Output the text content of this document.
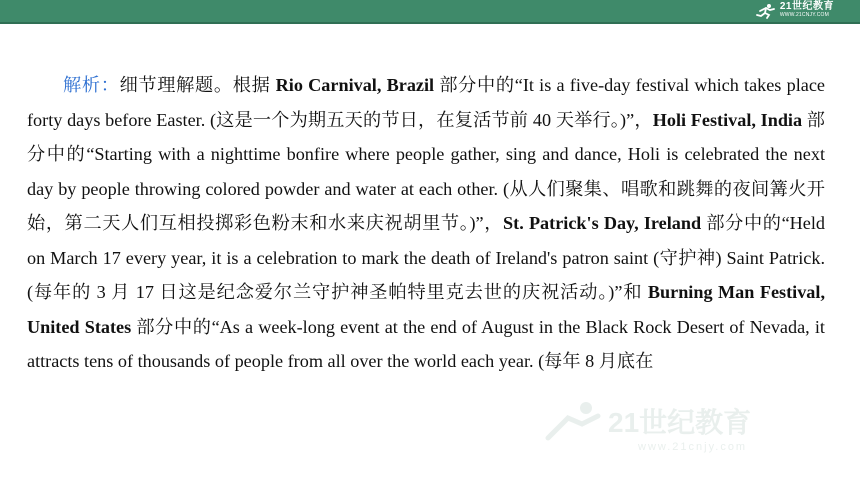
21世纪教育
WWW.21CNJY.COM

解析：细节理解题。根据 Rio Carnival, Brazil 部分中的“It is a five-day festival which takes place forty days before Easter. (这是一个为期五天的节日，在复活节前 40 天举行。)”，Holi Festival, India 部分中的“Starting with a nighttime bonfire where people gather, sing and dance, Holi is celebrated the next day by people throwing colored powder and water at each other. (从人们聚集、唱歌和跳舞的夜间篝火开始，第二天人们互相投掷彩色粉末和水来庆祝胡里节。)”，St. Patrick's Day, Ireland 部分中的“Held on March 17 every year, it is a celebration to mark the death of Ireland's patron saint (守护神) Saint Patrick. (每年的 3 月 17 日这是纪念爱尔兰守护神圣帕特里克去世的庆祝活动。)”和 Burning Man Festival, United States 部分中的“As a week-long event at the end of August in the Black Rock Desert of Nevada, it attracts tens of thousands of people from all over the world each year. (每年 8 月底在

21世纪教育
www.21cnjy.com
